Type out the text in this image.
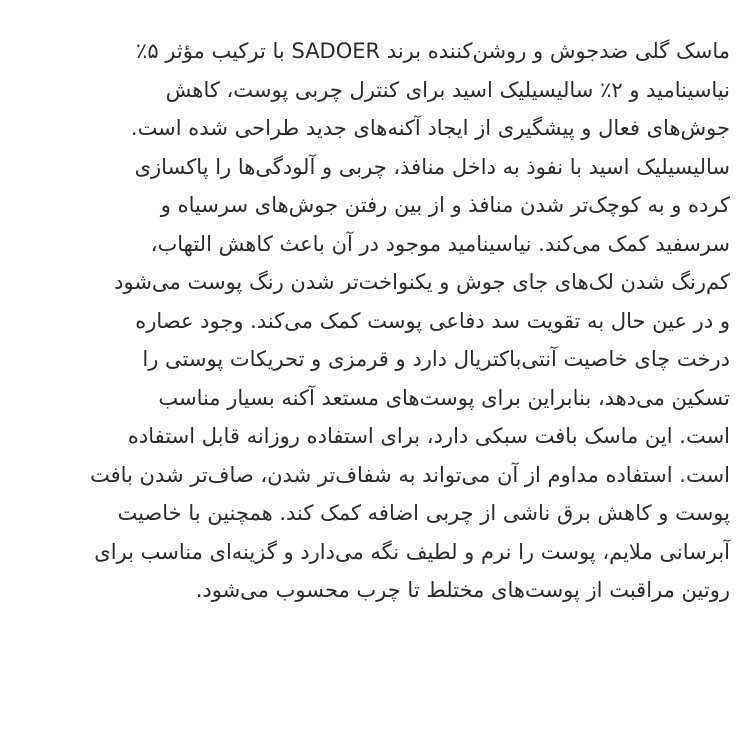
ماسک گلی ضدجوش و روشن‌کننده برند SADOER با ترکیب مؤثر ۵٪
نیاسینامید و ۲٪ سالیسیلیک اسید برای کنترل چربی پوست، کاهش
جوش‌های فعال و پیشگیری از ایجاد آکنه‌های جدید طراحی شده است.
سالیسیلیک اسید با نفوذ به داخل منافذ، چربی و آلودگی‌ها را پاکسازی
کرده و به کوچک‌تر شدن منافذ و از بین رفتن جوش‌های سرسیاه و
سرسفید کمک می‌کند. نیاسینامید موجود در آن باعث کاهش التهاب،
کم‌رنگ شدن لک‌های جای جوش و یکنواخت‌تر شدن رنگ پوست می‌شود
و در عین حال به تقویت سد دفاعی پوست کمک می‌کند. وجود عصاره
درخت چای خاصیت آنتی‌باکتریال دارد و قرمزی و تحریکات پوستی را
تسکین می‌دهد، بنابراین برای پوست‌های مستعد آکنه بسیار مناسب
است. این ماسک بافت سبکی دارد، برای استفاده روزانه قابل استفاده
است. استفاده مداوم از آن می‌تواند به شفاف‌تر شدن، صاف‌تر شدن بافت
پوست و کاهش برق ناشی از چربی اضافه کمک کند. همچنین با خاصیت
آبرسانی ملایم، پوست را نرم و لطیف نگه می‌دارد و گزینه‌ای مناسب برای
روتین مراقبت از پوست‌های مختلط تا چرب محسوب می‌شود.
